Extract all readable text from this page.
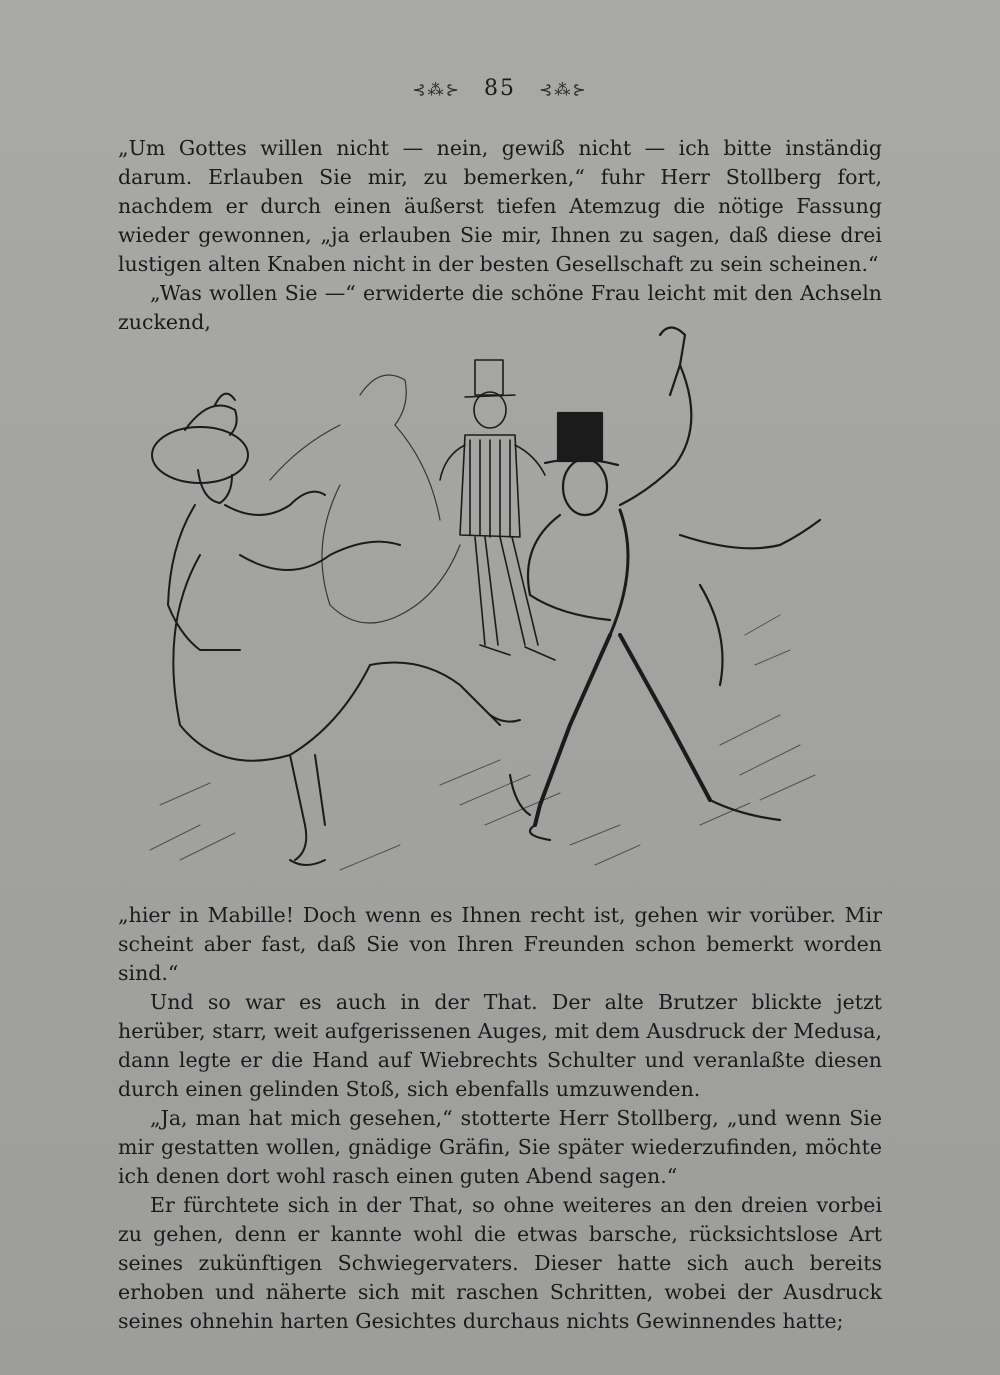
⊰⁂⊱ 85 ⊰⁂⊱

„Um Gottes willen nicht — nein, gewiß nicht — ich bitte inständig darum. Erlauben Sie mir, zu bemerken,“ fuhr Herr Stollberg fort, nachdem er durch einen äußerst tiefen Atemzug die nötige Fassung wieder gewonnen, „ja erlauben Sie mir, Ihnen zu sagen, daß diese drei lustigen alten Knaben nicht in der besten Gesellschaft zu sein scheinen.“

„Was wollen Sie —“ erwiderte die schöne Frau leicht mit den Achseln zuckend,

„hier in Mabille! Doch wenn es Ihnen recht ist, gehen wir vorüber. Mir scheint aber fast, daß Sie von Ihren Freunden schon bemerkt worden sind.“

Und so war es auch in der That. Der alte Brutzer blickte jetzt herüber, starr, weit aufgerissenen Auges, mit dem Ausdruck der Medusa, dann legte er die Hand auf Wiebrechts Schulter und veranlaßte diesen durch einen gelinden Stoß, sich ebenfalls umzuwenden.

„Ja, man hat mich gesehen,“ stotterte Herr Stollberg, „und wenn Sie mir gestatten wollen, gnädige Gräfin, Sie später wiederzufinden, möchte ich denen dort wohl rasch einen guten Abend sagen.“

Er fürchtete sich in der That, so ohne weiteres an den dreien vorbei zu gehen, denn er kannte wohl die etwas barsche, rücksichtslose Art seines zukünftigen Schwiegervaters. Dieser hatte sich auch bereits erhoben und näherte sich mit raschen Schritten, wobei der Ausdruck seines ohnehin harten Gesichtes durchaus nichts Gewinnendes hatte;
